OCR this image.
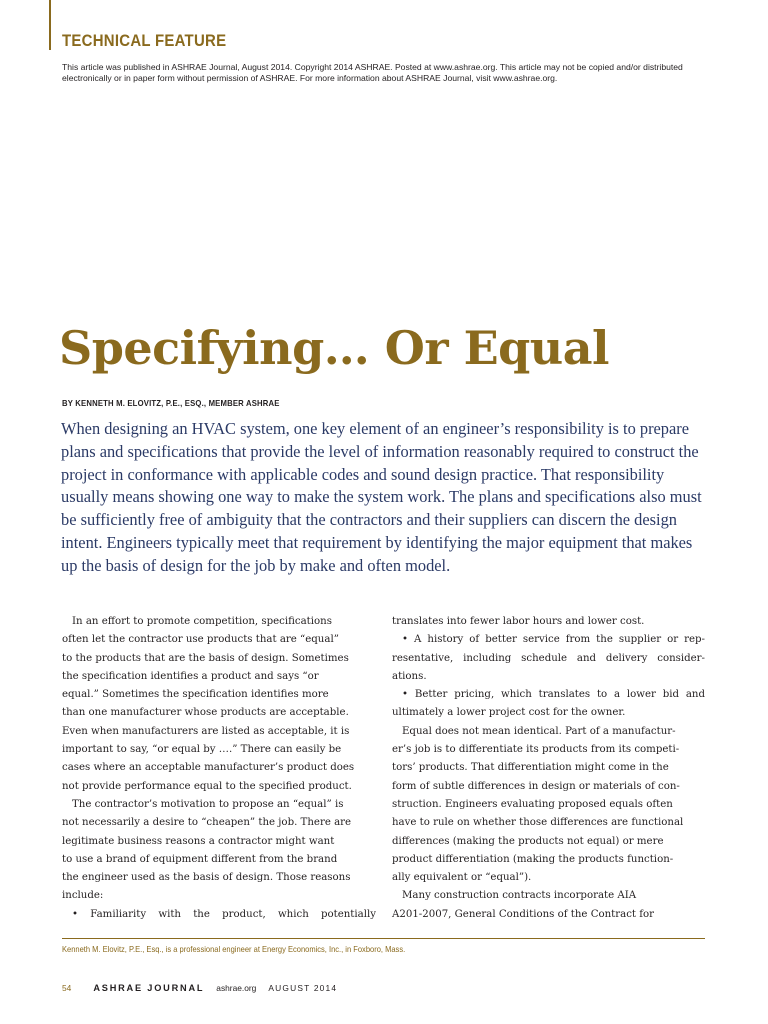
TECHNICAL FEATURE
This article was published in ASHRAE Journal, August 2014. Copyright 2014 ASHRAE. Posted at www.ashrae.org. This article may not be copied and/or distributed electronically or in paper form without permission of ASHRAE. For more information about ASHRAE Journal, visit www.ashrae.org.
Specifying… Or Equal
BY KENNETH M. ELOVITZ, P.E., ESQ., MEMBER ASHRAE
When designing an HVAC system, one key element of an engineer’s responsibility is to prepare plans and specifications that provide the level of information reasonably required to construct the project in conformance with applicable codes and sound design practice. That responsibility usually means showing one way to make the system work. The plans and specifications also must be sufficiently free of ambiguity that the contractors and their suppliers can discern the design intent. Engineers typically meet that requirement by identifying the major equipment that makes up the basis of design for the job by make and often model.
In an effort to promote competition, specifications
often let the contractor use products that are “equal”
to the products that are the basis of design. Sometimes
the specification identifies a product and says “or
equal.” Sometimes the specification identifies more
than one manufacturer whose products are acceptable.
Even when manufacturers are listed as acceptable, it is
important to say, “or equal by ….” There can easily be
cases where an acceptable manufacturer’s product does
not provide performance equal to the specified product.
The contractor’s motivation to propose an “equal” is
not necessarily a desire to “cheapen” the job. There are
legitimate business reasons a contractor might want
to use a brand of equipment different from the brand
the engineer used as the basis of design. Those reasons
include:
• Familiarity with the product, which potentially
translates into fewer labor hours and lower cost.
• A history of better service from the supplier or rep-
resentative, including schedule and delivery consider-
ations.
• Better pricing, which translates to a lower bid and
ultimately a lower project cost for the owner.
Equal does not mean identical. Part of a manufactur-
er’s job is to differentiate its products from its competi-
tors’ products. That differentiation might come in the
form of subtle differences in design or materials of con-
struction. Engineers evaluating proposed equals often
have to rule on whether those differences are functional
differences (making the products not equal) or mere
product differentiation (making the products function-
ally equivalent or “equal”).
Many construction contracts incorporate AIA
A201-2007, General Conditions of the Contract for
Kenneth M. Elovitz, P.E., Esq., is a professional engineer at Energy Economics, Inc., in Foxboro, Mass.
54 ASHRAE JOURNAL ashrae.org AUGUST 2014
